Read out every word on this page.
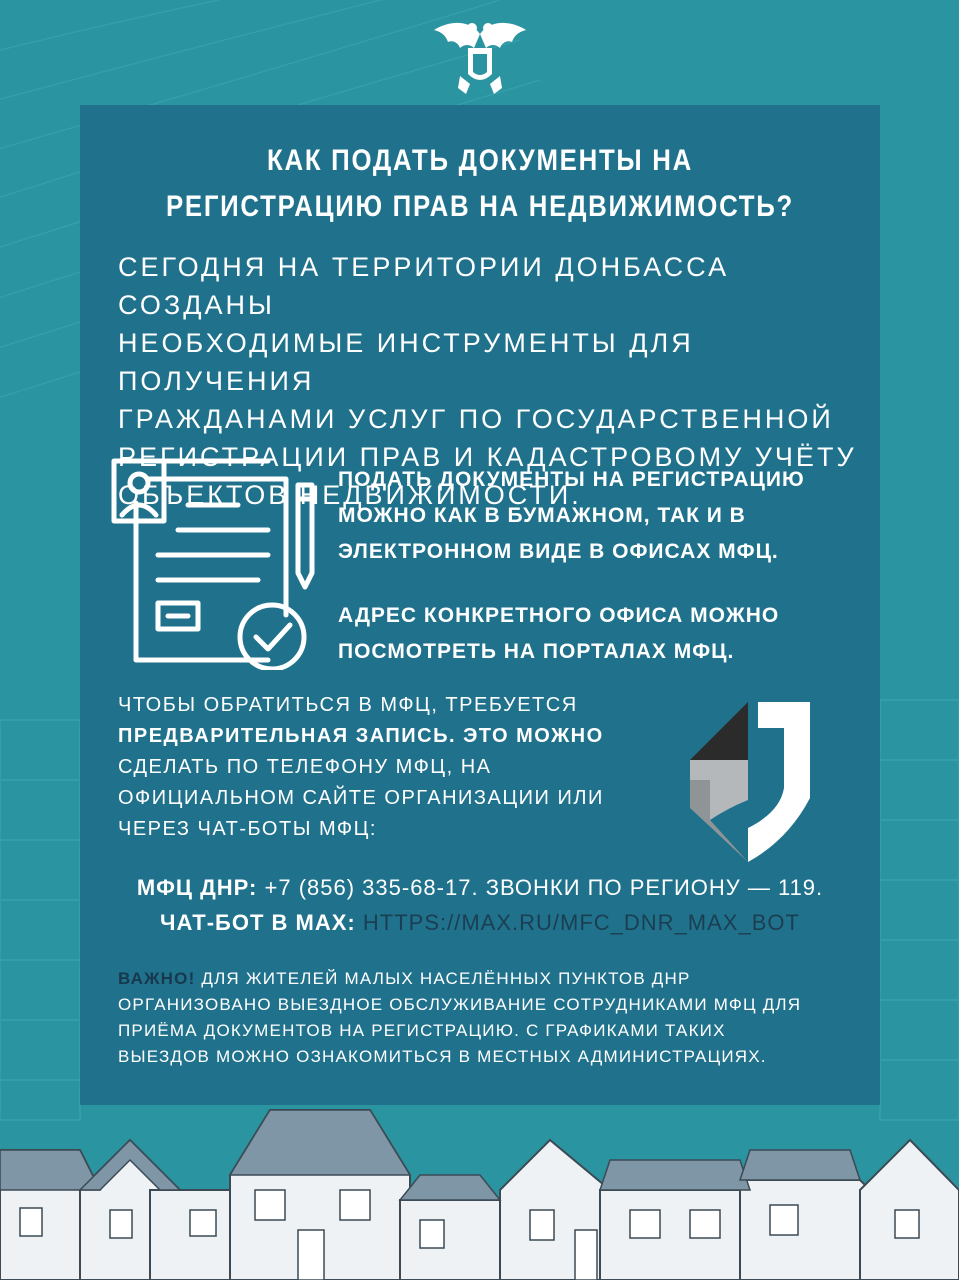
КАК ПОДАТЬ ДОКУМЕНТЫ НА
РЕГИСТРАЦИЮ ПРАВ НА НЕДВИЖИМОСТЬ?
СЕГОДНЯ НА ТЕРРИТОРИИ ДОНБАССА СОЗДАНЫ
НЕОБХОДИМЫЕ ИНСТРУМЕНТЫ ДЛЯ ПОЛУЧЕНИЯ
ГРАЖДАНАМИ УСЛУГ ПО ГОСУДАРСТВЕННОЙ
РЕГИСТРАЦИИ ПРАВ И КАДАСТРОВОМУ УЧЁТУ
ОБЪЕКТОВ НЕДВИЖИМОСТИ.
ПОДАТЬ ДОКУМЕНТЫ НА РЕГИСТРАЦИЮ
МОЖНО КАК В БУМАЖНОМ, ТАК И В
ЭЛЕКТРОННОМ ВИДЕ В ОФИСАХ МФЦ.
АДРЕС КОНКРЕТНОГО ОФИСА МОЖНО
ПОСМОТРЕТЬ НА ПОРТАЛАХ МФЦ.
ЧТОБЫ ОБРАТИТЬСЯ В МФЦ, ТРЕБУЕТСЯ
ПРЕДВАРИТЕЛЬНАЯ ЗАПИСЬ. ЭТО МОЖНО
СДЕЛАТЬ ПО ТЕЛЕФОНУ МФЦ, НА
ОФИЦИАЛЬНОМ САЙТЕ ОРГАНИЗАЦИИ ИЛИ
ЧЕРЕЗ ЧАТ-БОТЫ МФЦ:
МФЦ ДНР: +7 (856) 335-68-17. ЗВОНКИ ПО РЕГИОНУ — 119.
ЧАТ-БОТ В MAX: HTTPS://MAX.RU/MFC_DNR_MAX_BOT
ВАЖНО! ДЛЯ ЖИТЕЛЕЙ МАЛЫХ НАСЕЛЁННЫХ ПУНКТОВ ДНР
ОРГАНИЗОВАНО ВЫЕЗДНОЕ ОБСЛУЖИВАНИЕ СОТРУДНИКАМИ МФЦ ДЛЯ
ПРИЁМА ДОКУМЕНТОВ НА РЕГИСТРАЦИЮ. С ГРАФИКАМИ ТАКИХ
ВЫЕЗДОВ МОЖНО ОЗНАКОМИТЬСЯ В МЕСТНЫХ АДМИНИСТРАЦИЯХ.
